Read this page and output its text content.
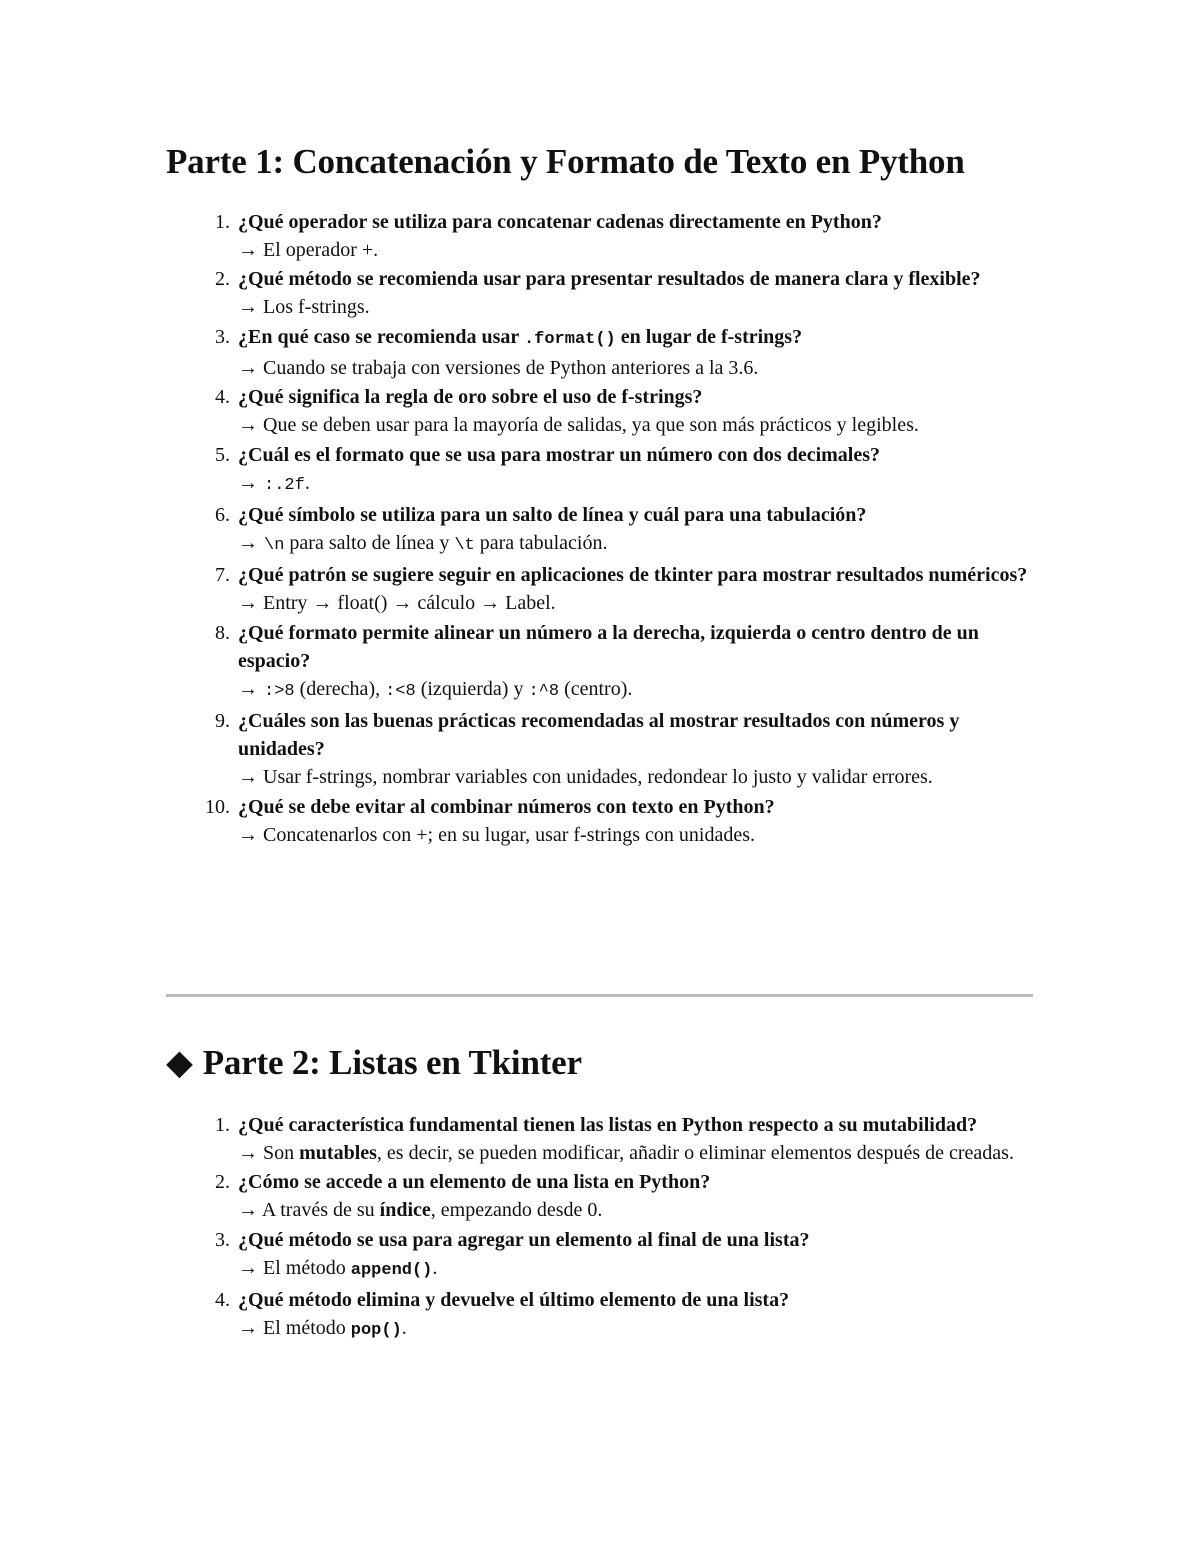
Parte 1: Concatenación y Formato de Texto en Python
1. ¿Qué operador se utiliza para concatenar cadenas directamente en Python?
→ El operador +.
2. ¿Qué método se recomienda usar para presentar resultados de manera clara y flexible?
→ Los f-strings.
3. ¿En qué caso se recomienda usar .format() en lugar de f-strings?
→ Cuando se trabaja con versiones de Python anteriores a la 3.6.
4. ¿Qué significa la regla de oro sobre el uso de f-strings?
→ Que se deben usar para la mayoría de salidas, ya que son más prácticos y legibles.
5. ¿Cuál es el formato que se usa para mostrar un número con dos decimales?
→ :.2f.
6. ¿Qué símbolo se utiliza para un salto de línea y cuál para una tabulación?
→ \n para salto de línea y \t para tabulación.
7. ¿Qué patrón se sugiere seguir en aplicaciones de tkinter para mostrar resultados numéricos?
→ Entry → float() → cálculo → Label.
8. ¿Qué formato permite alinear un número a la derecha, izquierda o centro dentro de un espacio?
→ :>8 (derecha), :<8 (izquierda) y :^8 (centro).
9. ¿Cuáles son las buenas prácticas recomendadas al mostrar resultados con números y unidades?
→ Usar f-strings, nombrar variables con unidades, redondear lo justo y validar errores.
10. ¿Qué se debe evitar al combinar números con texto en Python?
→ Concatenarlos con +; en su lugar, usar f-strings con unidades.
◆ Parte 2: Listas en Tkinter
1. ¿Qué característica fundamental tienen las listas en Python respecto a su mutabilidad?
→ Son mutables, es decir, se pueden modificar, añadir o eliminar elementos después de creadas.
2. ¿Cómo se accede a un elemento de una lista en Python?
→ A través de su índice, empezando desde 0.
3. ¿Qué método se usa para agregar un elemento al final de una lista?
→ El método append().
4. ¿Qué método elimina y devuelve el último elemento de una lista?
→ El método pop().
